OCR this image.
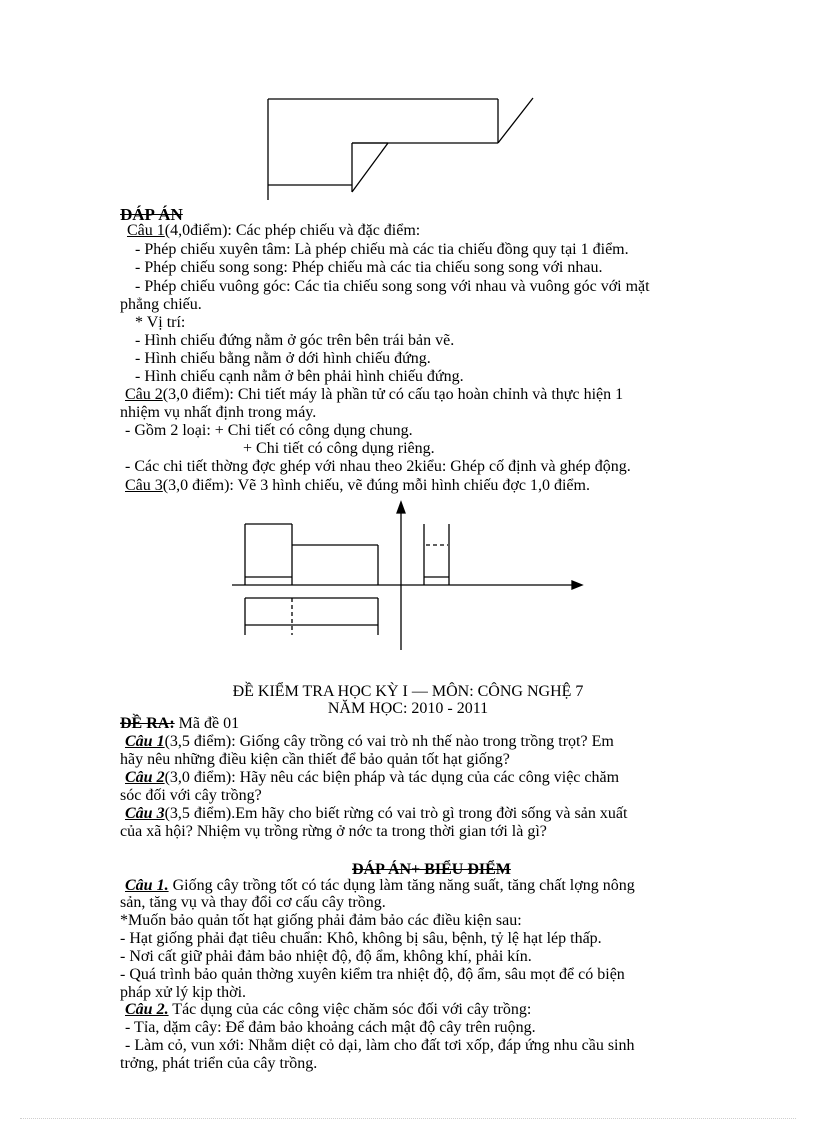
ĐÁP ÁN
Câu 1(4,0điểm): Các phép chiếu và đặc điểm:
- Phép chiếu xuyên tâm: Là phép chiếu mà các tia chiếu đồng quy tại 1 điểm.
- Phép chiếu song song: Phép chiếu mà các tia chiếu song song với nhau.
- Phép chiếu vuông góc: Các tia chiếu song song với nhau và vuông góc với mặt
phẳng chiếu.
* Vị trí:
- Hình chiếu đứng nằm ở góc trên bên trái bản vẽ.
- Hình chiếu bằng nằm ở dới hình chiếu đứng.
- Hình chiếu cạnh nằm ở bên phải hình chiếu đứng.
Câu 2(3,0 điểm): Chi tiết máy là phần tử có cấu tạo hoàn chỉnh và thực hiện 1
nhiệm vụ nhất định trong máy.
- Gồm 2 loại: + Chi tiết có công dụng chung.
+ Chi tiết có công dụng riêng.
- Các chi tiết thờng đợc ghép với nhau theo 2kiểu: Ghép cố định và ghép động.
Câu 3(3,0 điểm): Vẽ 3 hình chiếu, vẽ đúng mỗi hình chiếu đợc 1,0 điểm.
ĐỀ KIỂM TRA HỌC KỲ I — MÔN: CÔNG NGHỆ 7
NĂM HỌC: 2010 - 2011
ĐỀ RA: Mã đề 01
Câu 1(3,5 điểm): Giống cây trồng có vai trò nh thế nào trong trồng trọt? Em
hãy nêu những điều kiện cần thiết để bảo quản tốt hạt giống?
Câu 2(3,0 điểm): Hãy nêu các biện pháp và tác dụng của các công việc chăm
sóc đối với cây trồng?
Câu 3(3,5 điểm).Em hãy cho biết rừng có vai trò gì trong đời sống và sản xuất
của xã hội? Nhiệm vụ trồng rừng ở nớc ta trong thời gian tới là gì?
ĐÁP ÁN+ BIỂU ĐIỂM
Câu 1. Giống cây trồng tốt có tác dụng làm tăng năng suất, tăng chất lợng nông
sản, tăng vụ và thay đổi cơ cấu cây trồng.
*Muốn bảo quản tốt hạt giống phải đảm bảo các điều kiện sau:
- Hạt giống phải đạt tiêu chuẩn: Khô, không bị sâu, bệnh, tỷ lệ hạt lép thấp.
- Nơi cất giữ phải đảm bảo nhiệt độ, độ ẩm, không khí, phải kín.
- Quá trình bảo quản thờng xuyên kiểm tra nhiệt độ, độ ẩm, sâu mọt để có biện
pháp xử lý kịp thời.
Câu 2. Tác dụng của các công việc chăm sóc đối với cây trồng:
- Tỉa, dặm cây: Để đảm bảo khoảng cách mật độ cây trên ruộng.
- Làm cỏ, vun xới: Nhằm diệt cỏ dại, làm cho đất tơi xốp, đáp ứng nhu cầu sinh
trởng, phát triển của cây trồng.
